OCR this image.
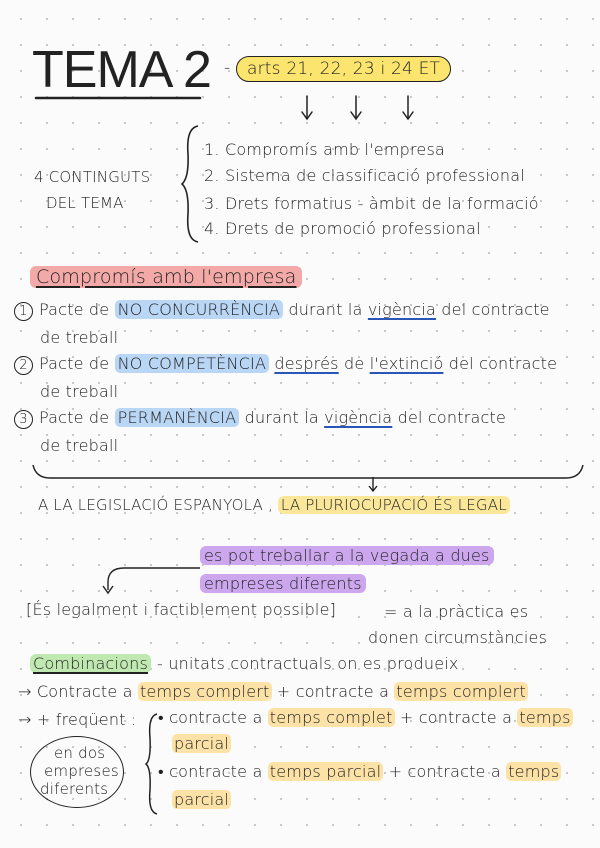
TEMA 2 - arts 21, 22, 23 i 24 ET
4 CONTINGUTS
DEL TEMA
1. Compromís amb l'empresa
2. Sistema de classificació professional
3. Drets formatius - àmbit de la formació
4. Drets de promoció professional
Compromís amb l'empresa
1 Pacte de NO CONCURRÈNCIA durant la vigència del contracte
de treball
2 Pacte de NO COMPETÈNCIA després de l'extinció del contracte
de treball
3 Pacte de PERMANÈNCIA durant la vigència del contracte
de treball
A LA LEGISLACIÓ ESPANYOLA , LA PLURIOCUPACIÓ ÉS LEGAL
es pot treballar a la vegada a dues
empreses diferents
[És legalment i factiblement possible]	= a la pràctica es
donen circumstàncies
Combinacions - unitats contractuals on es produeix
→ Contracte a temps complert + contracte a temps complert
→ + freqüent : • contracte a temps complet + contracte a temps
parcial
• contracte a temps parcial + contracte a temps
parcial
en dos
empreses
diferents
